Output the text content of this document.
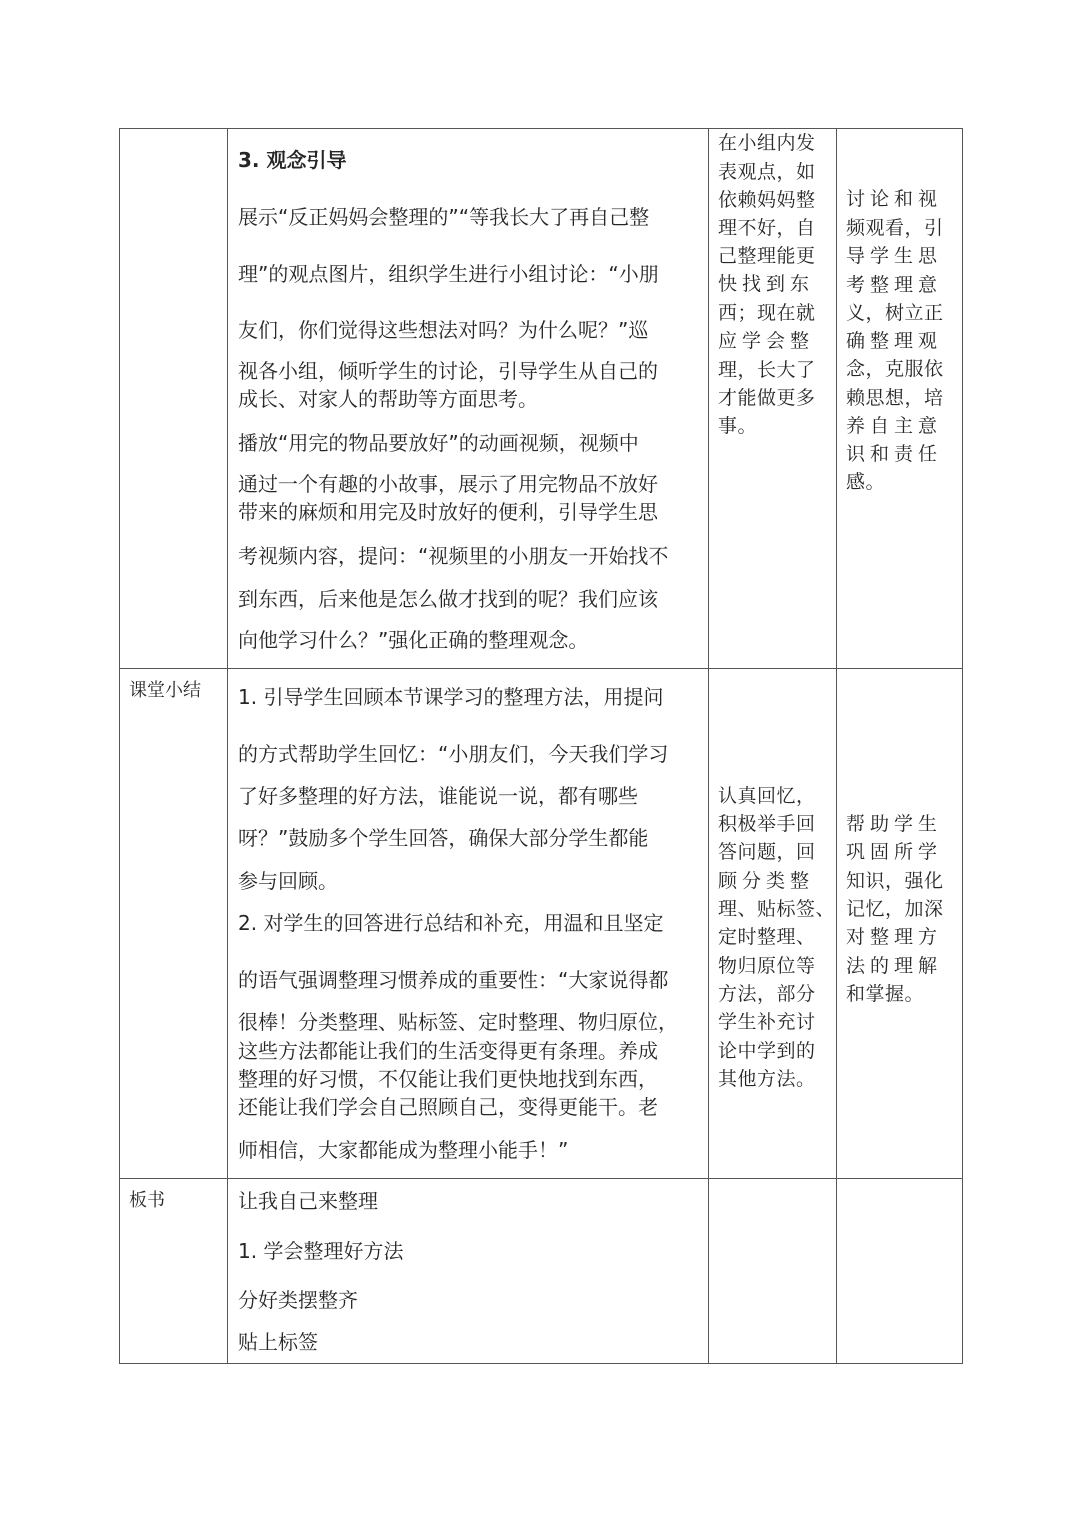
3. 观念引导
展示“反正妈妈会整理的”“等我长大了再自己整
理”的观点图片，组织学生进行小组讨论：“小朋
友们，你们觉得这些想法对吗？为什么呢？”巡
视各小组，倾听学生的讨论，引导学生从自己的
成长、对家人的帮助等方面思考。
播放“用完的物品要放好”的动画视频，视频中
通过一个有趣的小故事，展示了用完物品不放好
带来的麻烦和用完及时放好的便利，引导学生思
考视频内容，提问：“视频里的小朋友一开始找不
到东西，后来他是怎么做才找到的呢？我们应该
向他学习什么？”强化正确的整理观念。
在小组内发
表观点，如
依赖妈妈整
理不好，自
己整理能更
快找到东
西；现在就
应学会整
理，长大了
才能做更多
事。
讨论和视
频观看，引
导学生思
考整理意
义，树立正
确整理观
念，克服依
赖思想，培
养自主意
识和责任
感。
课堂小结 1. 引导学生回顾本节课学习的整理方法，用提问
的方式帮助学生回忆：“小朋友们，今天我们学习
了好多整理的好方法，谁能说一说，都有哪些
呀？”鼓励多个学生回答，确保大部分学生都能
参与回顾。
2. 对学生的回答进行总结和补充，用温和且坚定
的语气强调整理习惯养成的重要性：“大家说得都
很棒！分类整理、贴标签、定时整理、物归原位，
这些方法都能让我们的生活变得更有条理。养成
整理的好习惯，不仅能让我们更快地找到东西，
还能让我们学会自己照顾自己，变得更能干。老
师相信，大家都能成为整理小能手！”
认真回忆，
积极举手回
答问题，回
顾分类整
理、贴标签、
定时整理、
物归原位等
方法，部分
学生补充讨
论中学到的
其他方法。
帮助学生
巩固所学
知识，强化
记忆，加深
对整理方
法的理解
和掌握。
板书	让我自己来整理
1. 学会整理好方法
分好类摆整齐
贴上标签
